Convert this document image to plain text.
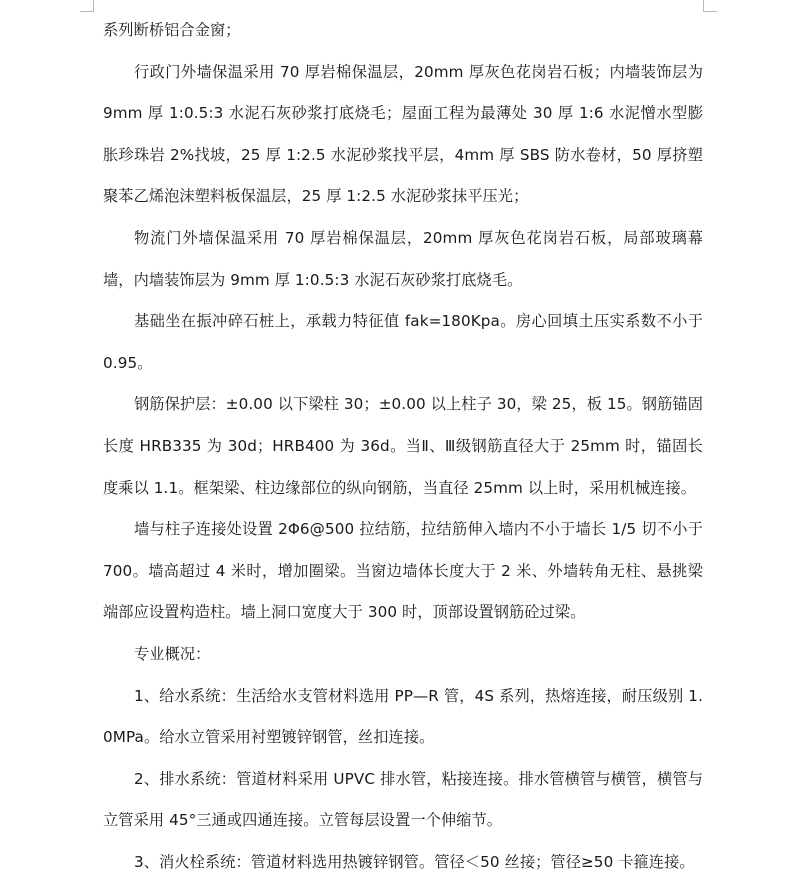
系列断桥铝合金窗；

行政门外墙保温采用 70 厚岩棉保温层，20mm 厚灰色花岗岩石板；内墙装饰层为 9mm 厚 1:0.5:3 水泥石灰砂浆打底烧毛；屋面工程为最薄处 30 厚 1:6 水泥憎水型膨胀珍珠岩 2%找坡，25 厚 1:2.5 水泥砂浆找平层，4mm 厚 SBS 防水卷材，50 厚挤塑聚苯乙烯泡沫塑料板保温层，25 厚 1:2.5 水泥砂浆抹平压光；

物流门外墙保温采用 70 厚岩棉保温层，20mm 厚灰色花岗岩石板，局部玻璃幕墙，内墙装饰层为 9mm 厚 1:0.5:3 水泥石灰砂浆打底烧毛。

基础坐在振冲碎石桩上，承载力特征值 fak=180Kpa。房心回填土压实系数不小于 0.95。

钢筋保护层：±0.00 以下梁柱 30；±0.00 以上柱子 30，梁 25，板 15。钢筋锚固长度 HRB335 为 30d；HRB400 为 36d。当Ⅱ、Ⅲ级钢筋直径大于 25mm 时，锚固长度乘以 1.1。框架梁、柱边缘部位的纵向钢筋，当直径 25mm 以上时，采用机械连接。

墙与柱子连接处设置 2Φ6@500 拉结筋，拉结筋伸入墙内不小于墙长 1/5 切不小于 700。墙高超过 4 米时，增加圈梁。当窗边墙体长度大于 2 米、外墙转角无柱、悬挑梁端部应设置构造柱。墙上洞口宽度大于 300 时，顶部设置钢筋砼过梁。

专业概况：

1、给水系统：生活给水支管材料选用 PP—R 管，4S 系列，热熔连接，耐压级别 1.0MPa。给水立管采用衬塑镀锌钢管，丝扣连接。

2、排水系统：管道材料采用 UPVC 排水管，粘接连接。排水管横管与横管，横管与立管采用 45°三通或四通连接。立管每层设置一个伸缩节。

3、消火栓系统：管道材料选用热镀锌钢管。管径＜50 丝接；管径≥50 卡箍连接。
